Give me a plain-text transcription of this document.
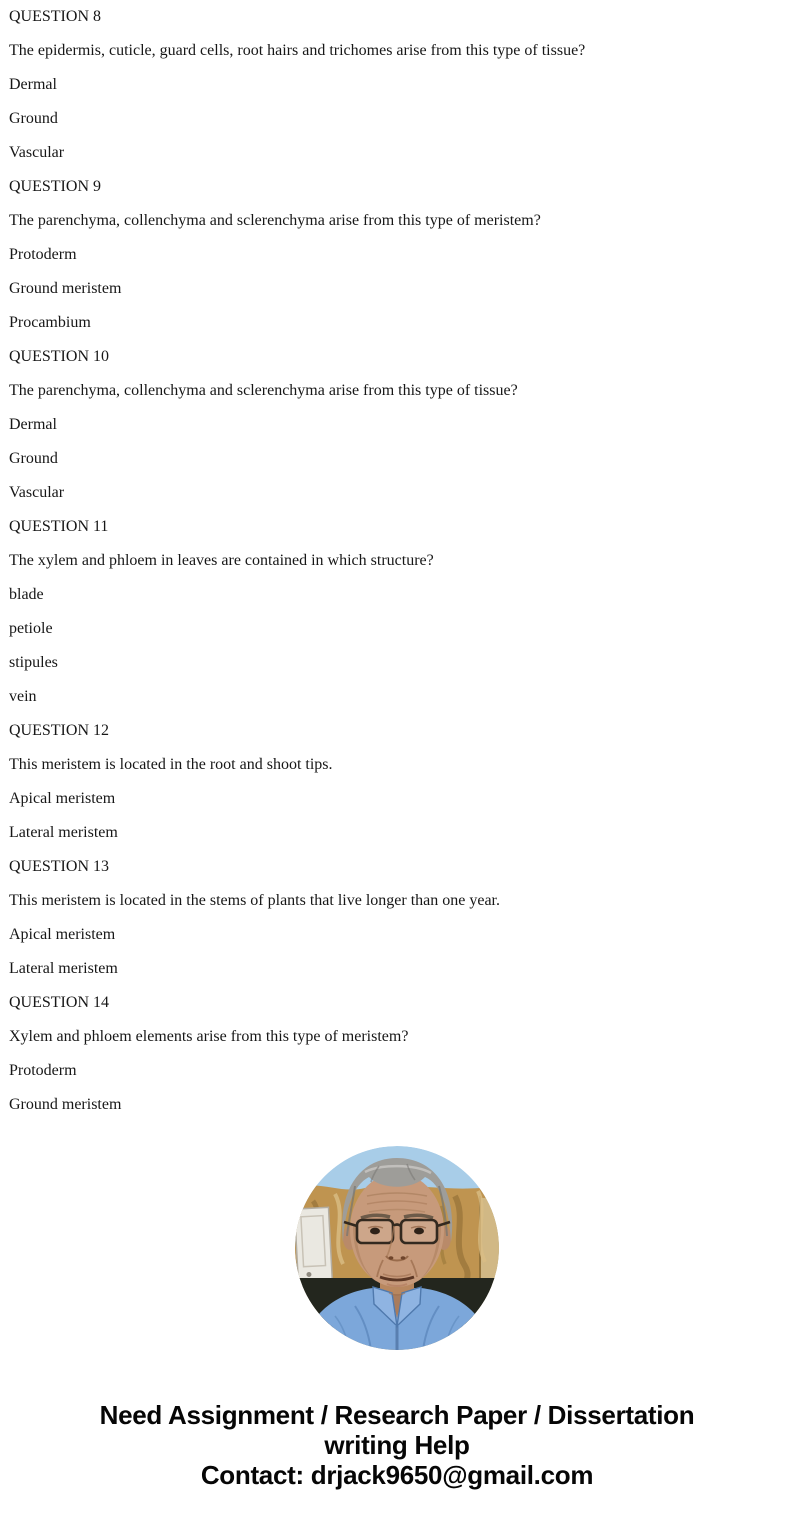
QUESTION 8

The epidermis, cuticle, guard cells, root hairs and trichomes arise from this type of tissue?

Dermal

Ground

Vascular

QUESTION 9

The parenchyma, collenchyma and sclerenchyma arise from this type of meristem?

Protoderm

Ground meristem

Procambium

QUESTION 10

The parenchyma, collenchyma and sclerenchyma arise from this type of tissue?

Dermal

Ground

Vascular

QUESTION 11

The xylem and phloem in leaves are contained in which structure?

blade

petiole

stipules

vein

QUESTION 12

This meristem is located in the root and shoot tips.

Apical meristem

Lateral meristem

QUESTION 13

This meristem is located in the stems of plants that live longer than one year.

Apical meristem

Lateral meristem

QUESTION 14

Xylem and phloem elements arise from this type of meristem?

Protoderm

Ground meristem

Need Assignment / Research Paper / Dissertation

writing Help

Contact: drjack9650@gmail.com
